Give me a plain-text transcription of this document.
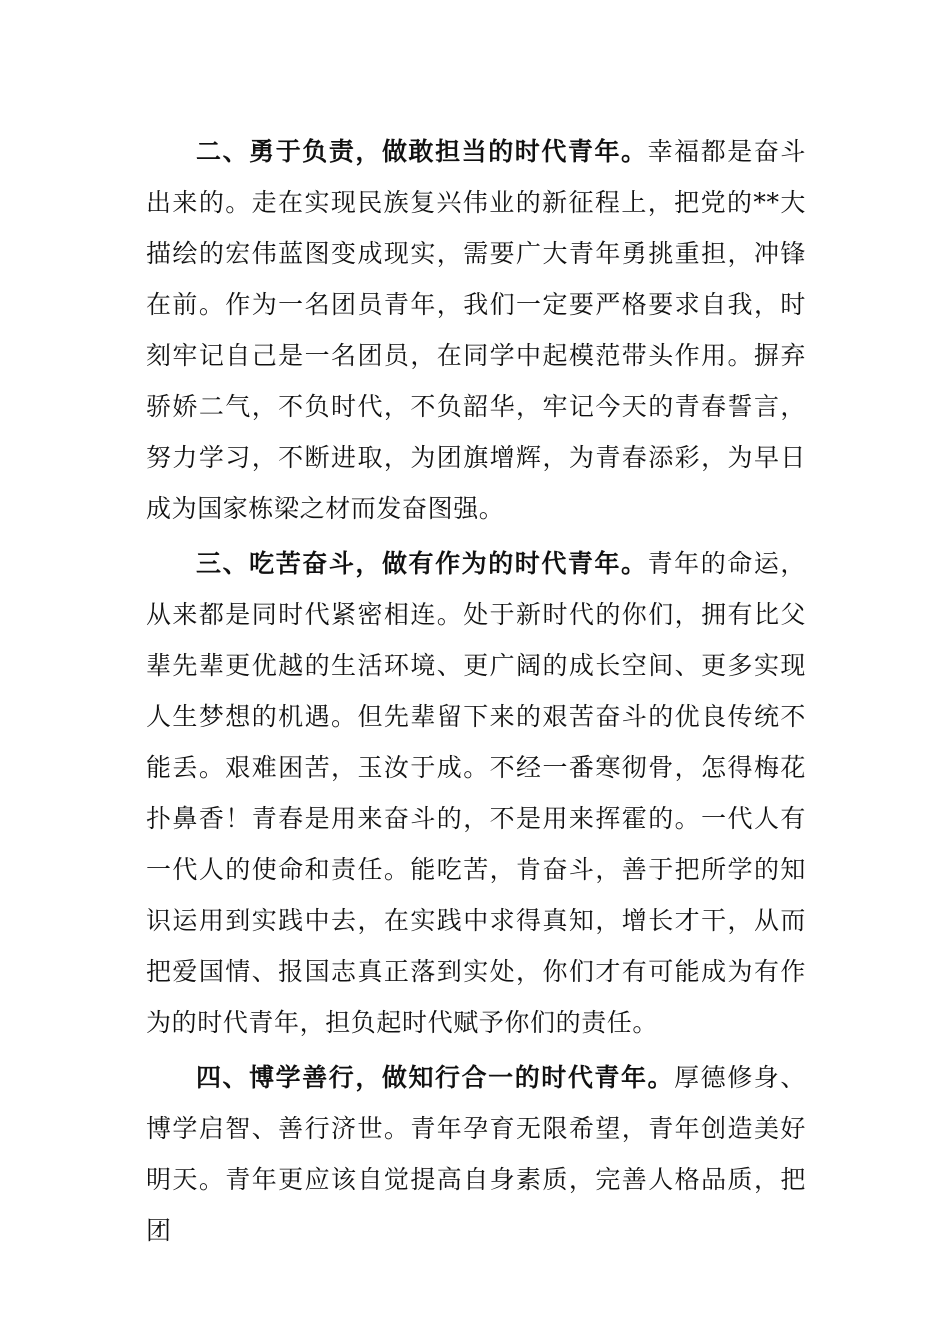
二、勇于负责，做敢担当的时代青年。幸福都是奋斗出来的。走在实现民族复兴伟业的新征程上，把党的**大描绘的宏伟蓝图变成现实，需要广大青年勇挑重担，冲锋在前。作为一名团员青年，我们一定要严格要求自我，时刻牢记自己是一名团员，在同学中起模范带头作用。摒弃骄娇二气，不负时代，不负韶华，牢记今天的青春誓言，努力学习，不断进取，为团旗增辉，为青春添彩，为早日成为国家栋梁之材而发奋图强。

三、吃苦奋斗，做有作为的时代青年。青年的命运，从来都是同时代紧密相连。处于新时代的你们，拥有比父辈先辈更优越的生活环境、更广阔的成长空间、更多实现人生梦想的机遇。但先辈留下来的艰苦奋斗的优良传统不能丢。艰难困苦，玉汝于成。不经一番寒彻骨，怎得梅花扑鼻香！青春是用来奋斗的，不是用来挥霍的。一代人有一代人的使命和责任。能吃苦，肯奋斗，善于把所学的知识运用到实践中去，在实践中求得真知，增长才干，从而把爱国情、报国志真正落到实处，你们才有可能成为有作为的时代青年，担负起时代赋予你们的责任。

四、博学善行，做知行合一的时代青年。厚德修身、博学启智、善行济世。青年孕育无限希望，青年创造美好明天。青年更应该自觉提高自身素质，完善人格品质，把团
